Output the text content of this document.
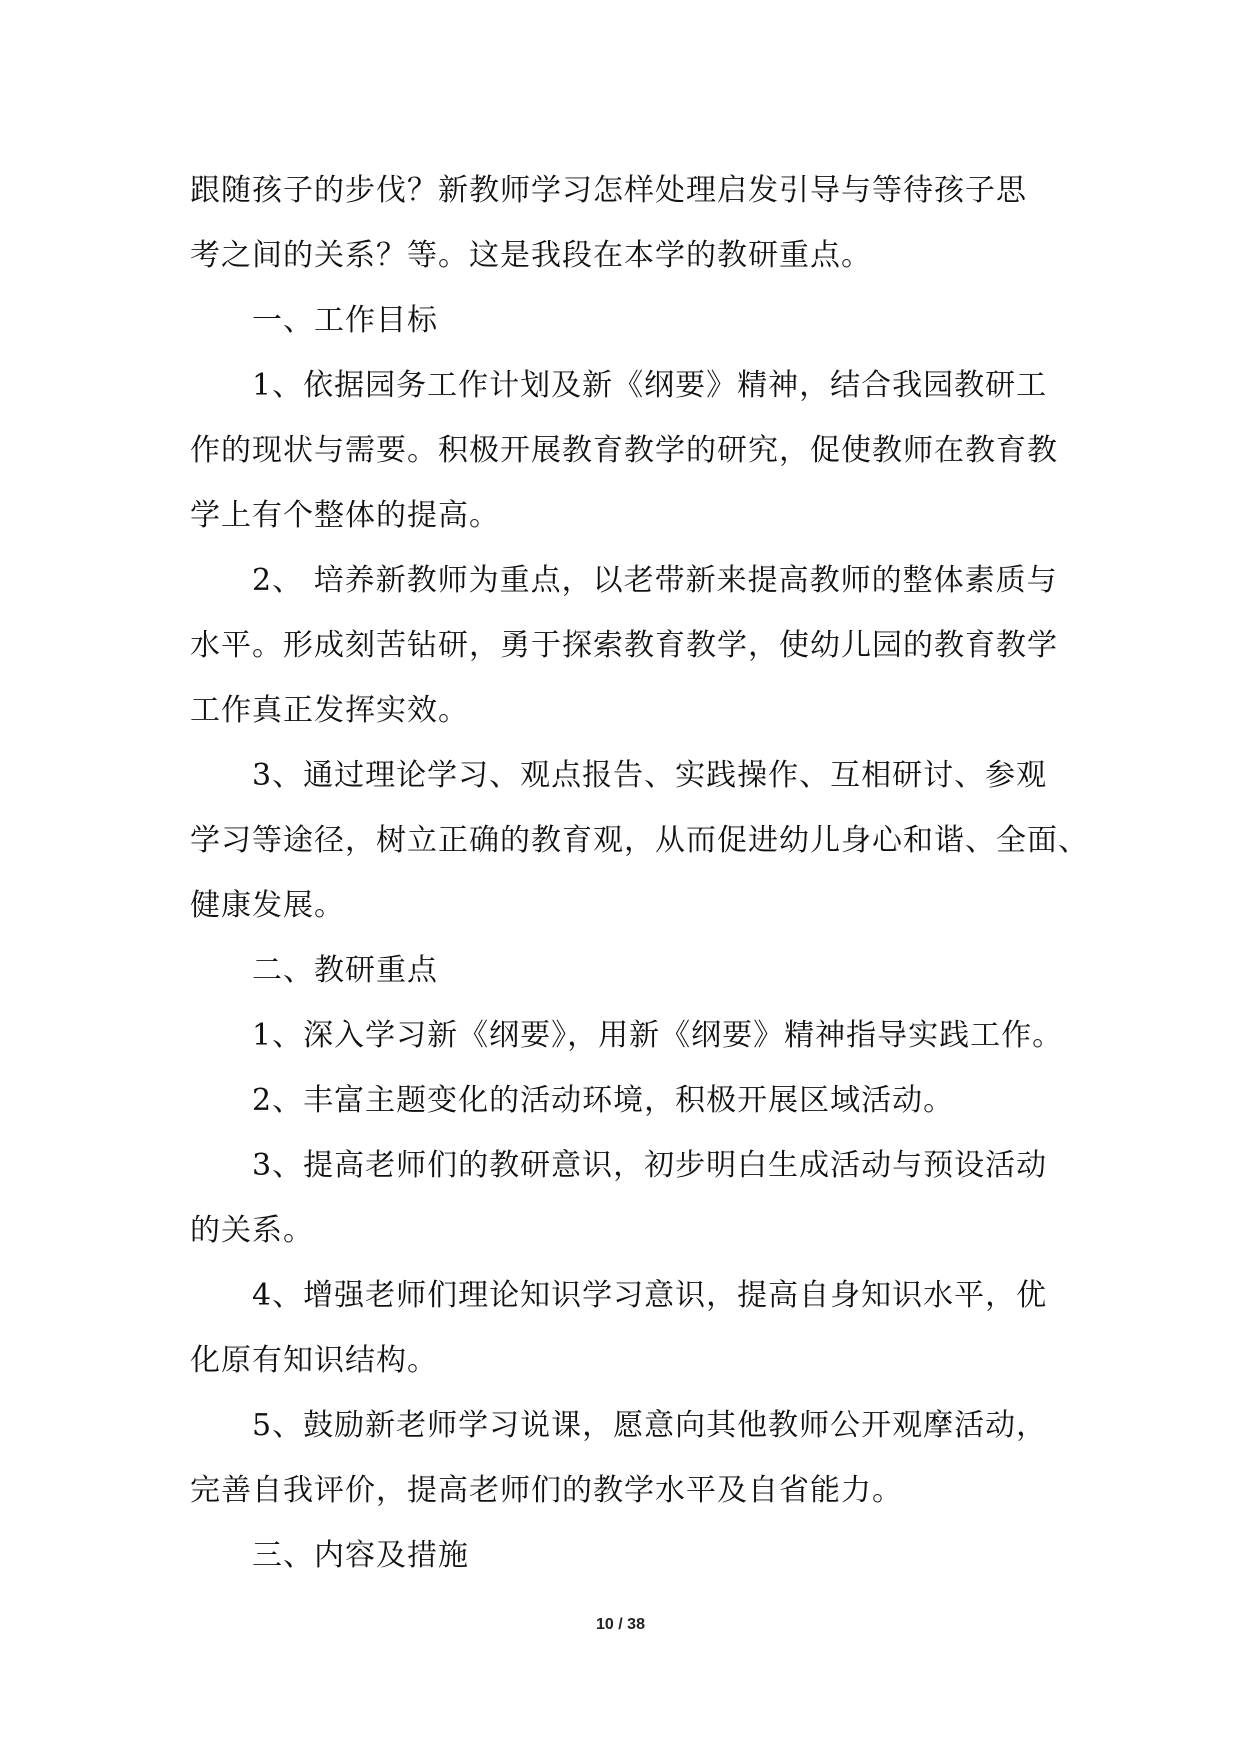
跟随孩子的步伐？新教师学习怎样处理启发引导与等待孩子思
考之间的关系？等。这是我段在本学的教研重点。
一、工作目标
1、依据园务工作计划及新《纲要》精神，结合我园教研工
作的现状与需要。积极开展教育教学的研究，促使教师在教育教
学上有个整体的提高。
2、 培养新教师为重点，以老带新来提高教师的整体素质与
水平。形成刻苦钻研，勇于探索教育教学，使幼儿园的教育教学
工作真正发挥实效。
3、通过理论学习、观点报告、实践操作、互相研讨、参观
学习等途径，树立正确的教育观，从而促进幼儿身心和谐、全面、
健康发展。
二、教研重点
1、深入学习新《纲要》，用新《纲要》精神指导实践工作。
2、丰富主题变化的活动环境，积极开展区域活动。
3、提高老师们的教研意识，初步明白生成活动与预设活动
的关系。
4、增强老师们理论知识学习意识，提高自身知识水平，优
化原有知识结构。
5、鼓励新老师学习说课，愿意向其他教师公开观摩活动，
完善自我评价，提高老师们的教学水平及自省能力。
三、内容及措施
10 / 38
